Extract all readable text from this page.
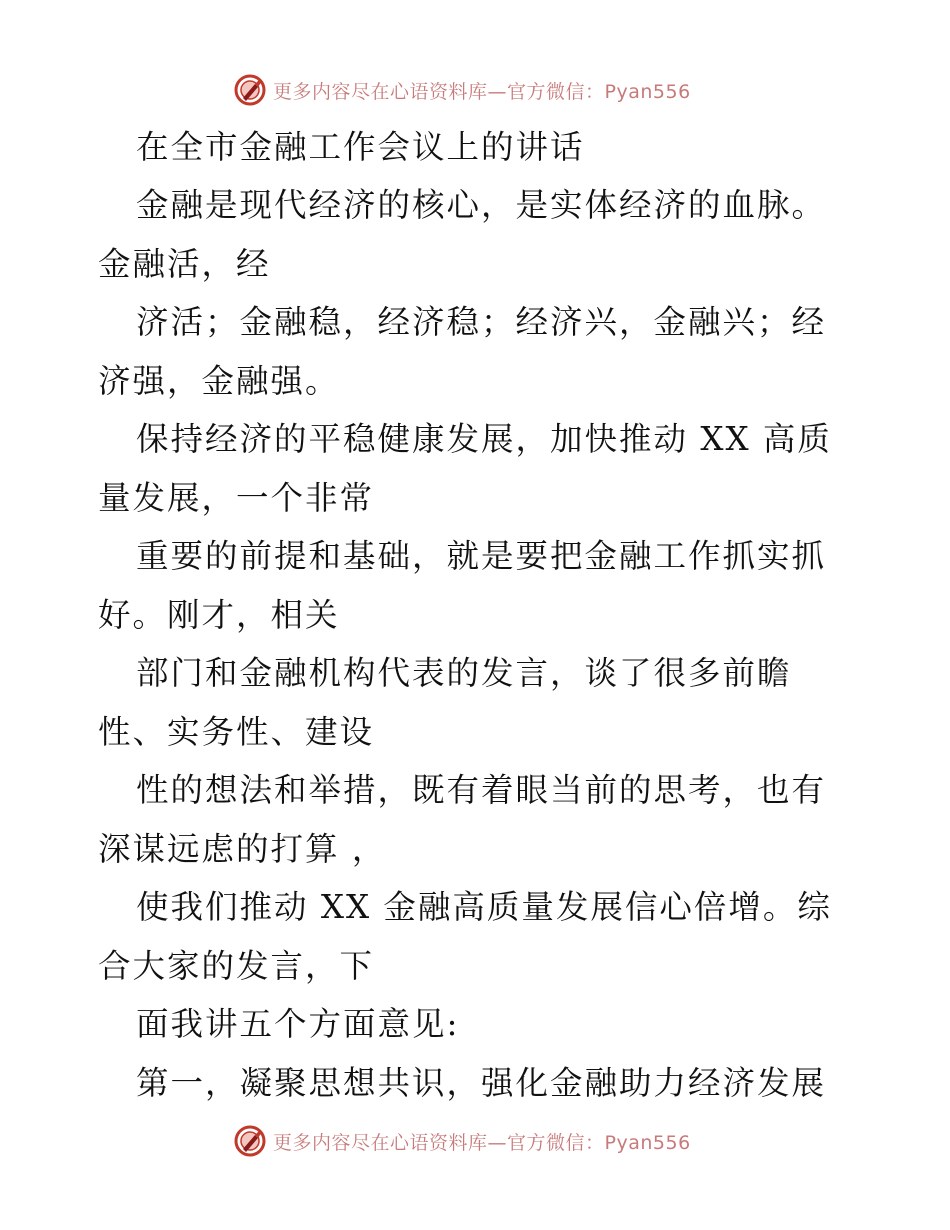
更多内容尽在心语资料库—官方微信：Pyan556

在全市金融工作会议上的讲话

金融是现代经济的核心，是实体经济的血脉。金融活，经

济活；金融稳，经济稳；经济兴，金融兴；经济强，金融强。

保持经济的平稳健康发展，加快推动 XX 高质量发展，一个非常

重要的前提和基础，就是要把金融工作抓实抓好。刚才，相关

部门和金融机构代表的发言，谈了很多前瞻性、实务性、建设

性的想法和举措，既有着眼当前的思考，也有深谋远虑的打算 ，

使我们推动 XX 金融高质量发展信心倍增。综合大家的发言，下

面我讲五个方面意见:

第一，凝聚思想共识，强化金融助力经济发展

更多内容尽在心语资料库—官方微信：Pyan556
